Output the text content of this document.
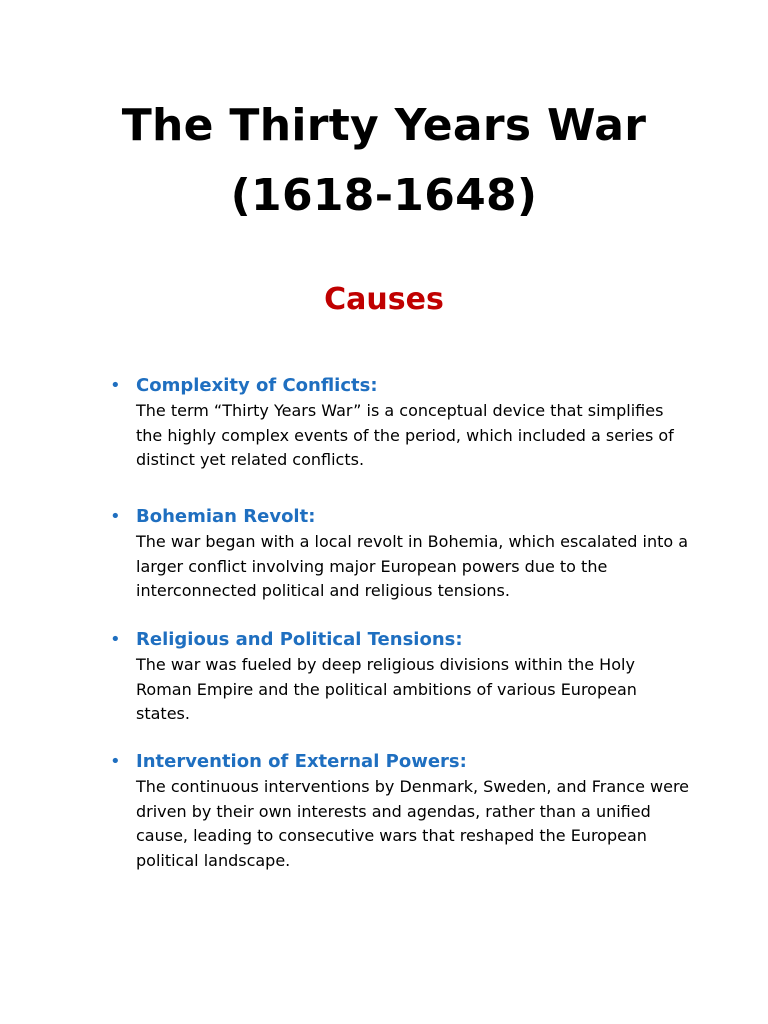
The Thirty Years War
(1618-1648)
Causes
• Complexity of Conflicts:
The term “Thirty Years War” is a conceptual device that simplifies the highly complex events of the period, which included a series of distinct yet related conflicts.
• Bohemian Revolt:
The war began with a local revolt in Bohemia, which escalated into a larger conflict involving major European powers due to the interconnected political and religious tensions.
• Religious and Political Tensions:
The war was fueled by deep religious divisions within the Holy Roman Empire and the political ambitions of various European states.
• Intervention of External Powers:
The continuous interventions by Denmark, Sweden, and France were driven by their own interests and agendas, rather than a unified cause, leading to consecutive wars that reshaped the European political landscape.
